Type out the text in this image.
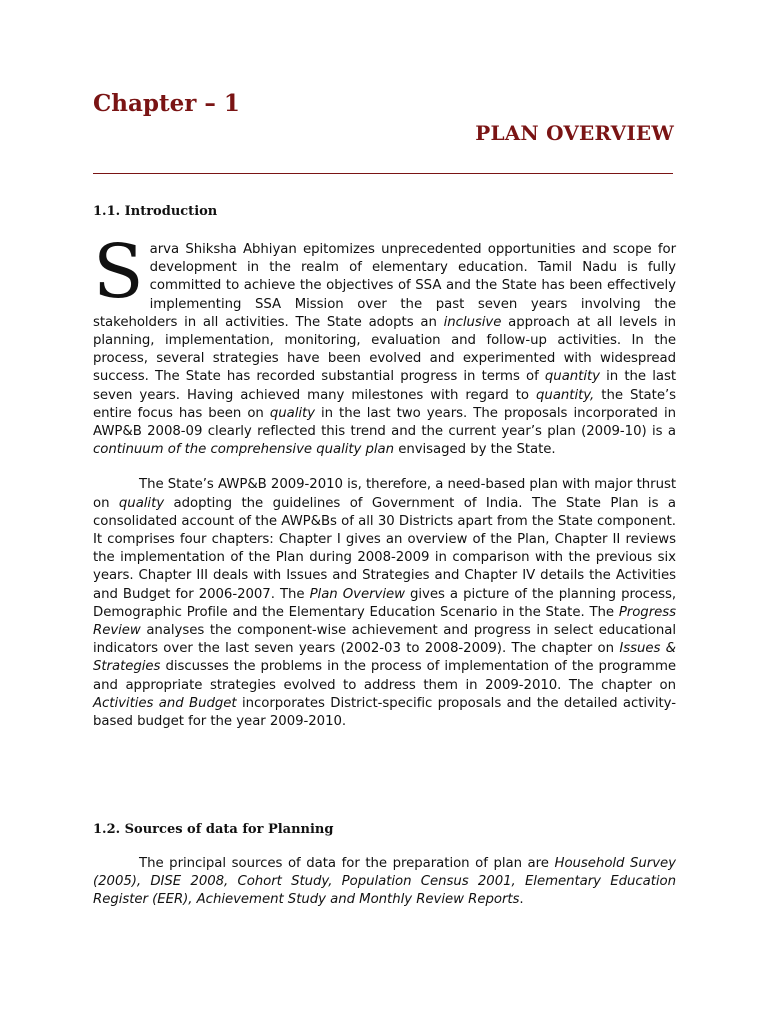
Chapter – 1
PLAN OVERVIEW
1.1. Introduction

Sarva Shiksha Abhiyan epitomizes unprecedented opportunities and scope for development in the realm of elementary education. Tamil Nadu is fully committed to achieve the objectives of SSA and the State has been effectively implementing SSA Mission over the past seven years involving the stakeholders in all activities. The State adopts an inclusive approach at all levels in planning, implementation, monitoring, evaluation and follow-up activities. In the process, several strategies have been evolved and experimented with widespread success. The State has recorded substantial progress in terms of quantity in the last seven years. Having achieved many milestones with regard to quantity, the State’s entire focus has been on quality in the last two years. The proposals incorporated in AWP&B 2008-09 clearly reflected this trend and the current year’s plan (2009-10) is a continuum of the comprehensive quality plan envisaged by the State.

The State’s AWP&B 2009-2010 is, therefore, a need-based plan with major thrust on quality adopting the guidelines of Government of India. The State Plan is a consolidated account of the AWP&Bs of all 30 Districts apart from the State component. It comprises four chapters: Chapter I gives an overview of the Plan, Chapter II reviews the implementation of the Plan during 2008-2009 in comparison with the previous six years. Chapter III deals with Issues and Strategies and Chapter IV details the Activities and Budget for 2006-2007. The Plan Overview gives a picture of the planning process, Demographic Profile and the Elementary Education Scenario in the State. The Progress Review analyses the component-wise achievement and progress in select educational indicators over the last seven years (2002-03 to 2008-2009). The chapter on Issues & Strategies discusses the problems in the process of implementation of the programme and appropriate strategies evolved to address them in 2009-2010. The chapter on Activities and Budget incorporates District-specific proposals and the detailed activity-based budget for the year 2009-2010.

1.2. Sources of data for Planning

The principal sources of data for the preparation of plan are Household Survey (2005), DISE 2008, Cohort Study, Population Census 2001, Elementary Education Register (EER), Achievement Study and Monthly Review Reports.
